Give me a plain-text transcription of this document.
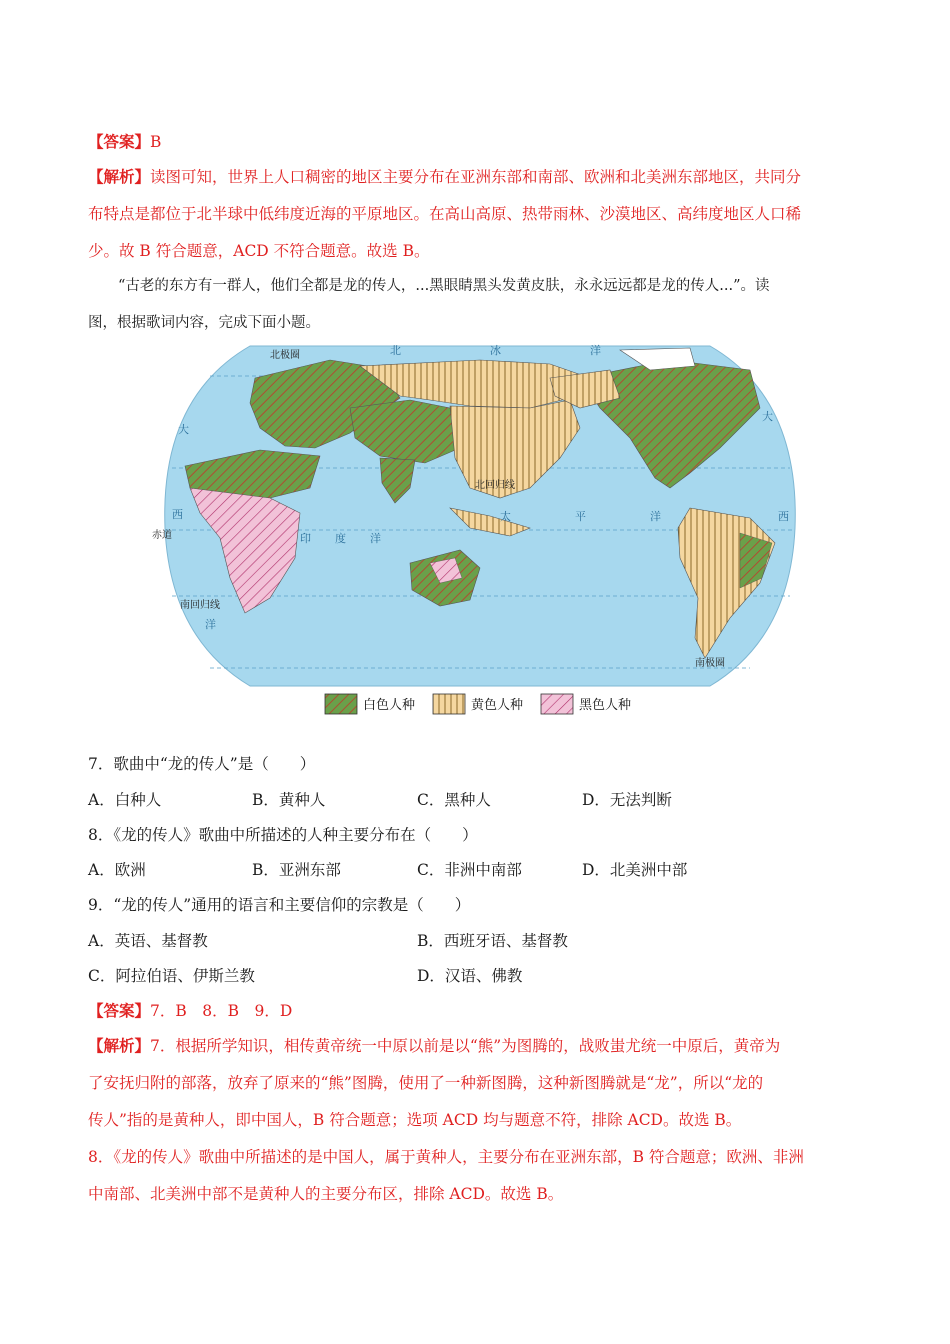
【答案】B
【解析】读图可知，世界上人口稠密的地区主要分布在亚洲东部和南部、欧洲和北美洲东部地区，共同分
布特点是都位于北半球中低纬度近海的平原地区。在高山高原、热带雨林、沙漠地区、高纬度地区人口稀
少。故 B 符合题意，ACD 不符合题意。故选 B。
“古老的东方有一群人，他们全都是龙的传人，...黑眼睛黑头发黄皮肤，永永远远都是龙的传人...”。读
图，根据歌词内容，完成下面小题。
北极圈
南极圈
赤道
北回归线
南回归线
北	冰	洋
大
西
洋
印 度 洋
太	平	洋
大
西
白色人种	黄色人种	黑色人种
7．歌曲中“龙的传人”是（　　）
A．白种人	B．黄种人	C．黑种人	D．无法判断
8．《龙的传人》歌曲中所描述的人种主要分布在（　　）
A．欧洲	B．亚洲东部	C．非洲中南部	D．北美洲中部
9．“龙的传人”通用的语言和主要信仰的宗教是（　　）
A．英语、基督教	B．西班牙语、基督教
C．阿拉伯语、伊斯兰教	D．汉语、佛教
【答案】7．B　8．B　9．D
【解析】7．根据所学知识，相传黄帝统一中原以前是以“熊”为图腾的，战败蚩尤统一中原后，黄帝为
了安抚归附的部落，放弃了原来的“熊”图腾，使用了一种新图腾，这种新图腾就是“龙”，所以“龙的
传人”指的是黄种人，即中国人，B 符合题意；选项 ACD 均与题意不符，排除 ACD。故选 B。
8．《龙的传人》歌曲中所描述的是中国人，属于黄种人，主要分布在亚洲东部，B 符合题意；欧洲、非洲
中南部、北美洲中部不是黄种人的主要分布区，排除 ACD。故选 B。
